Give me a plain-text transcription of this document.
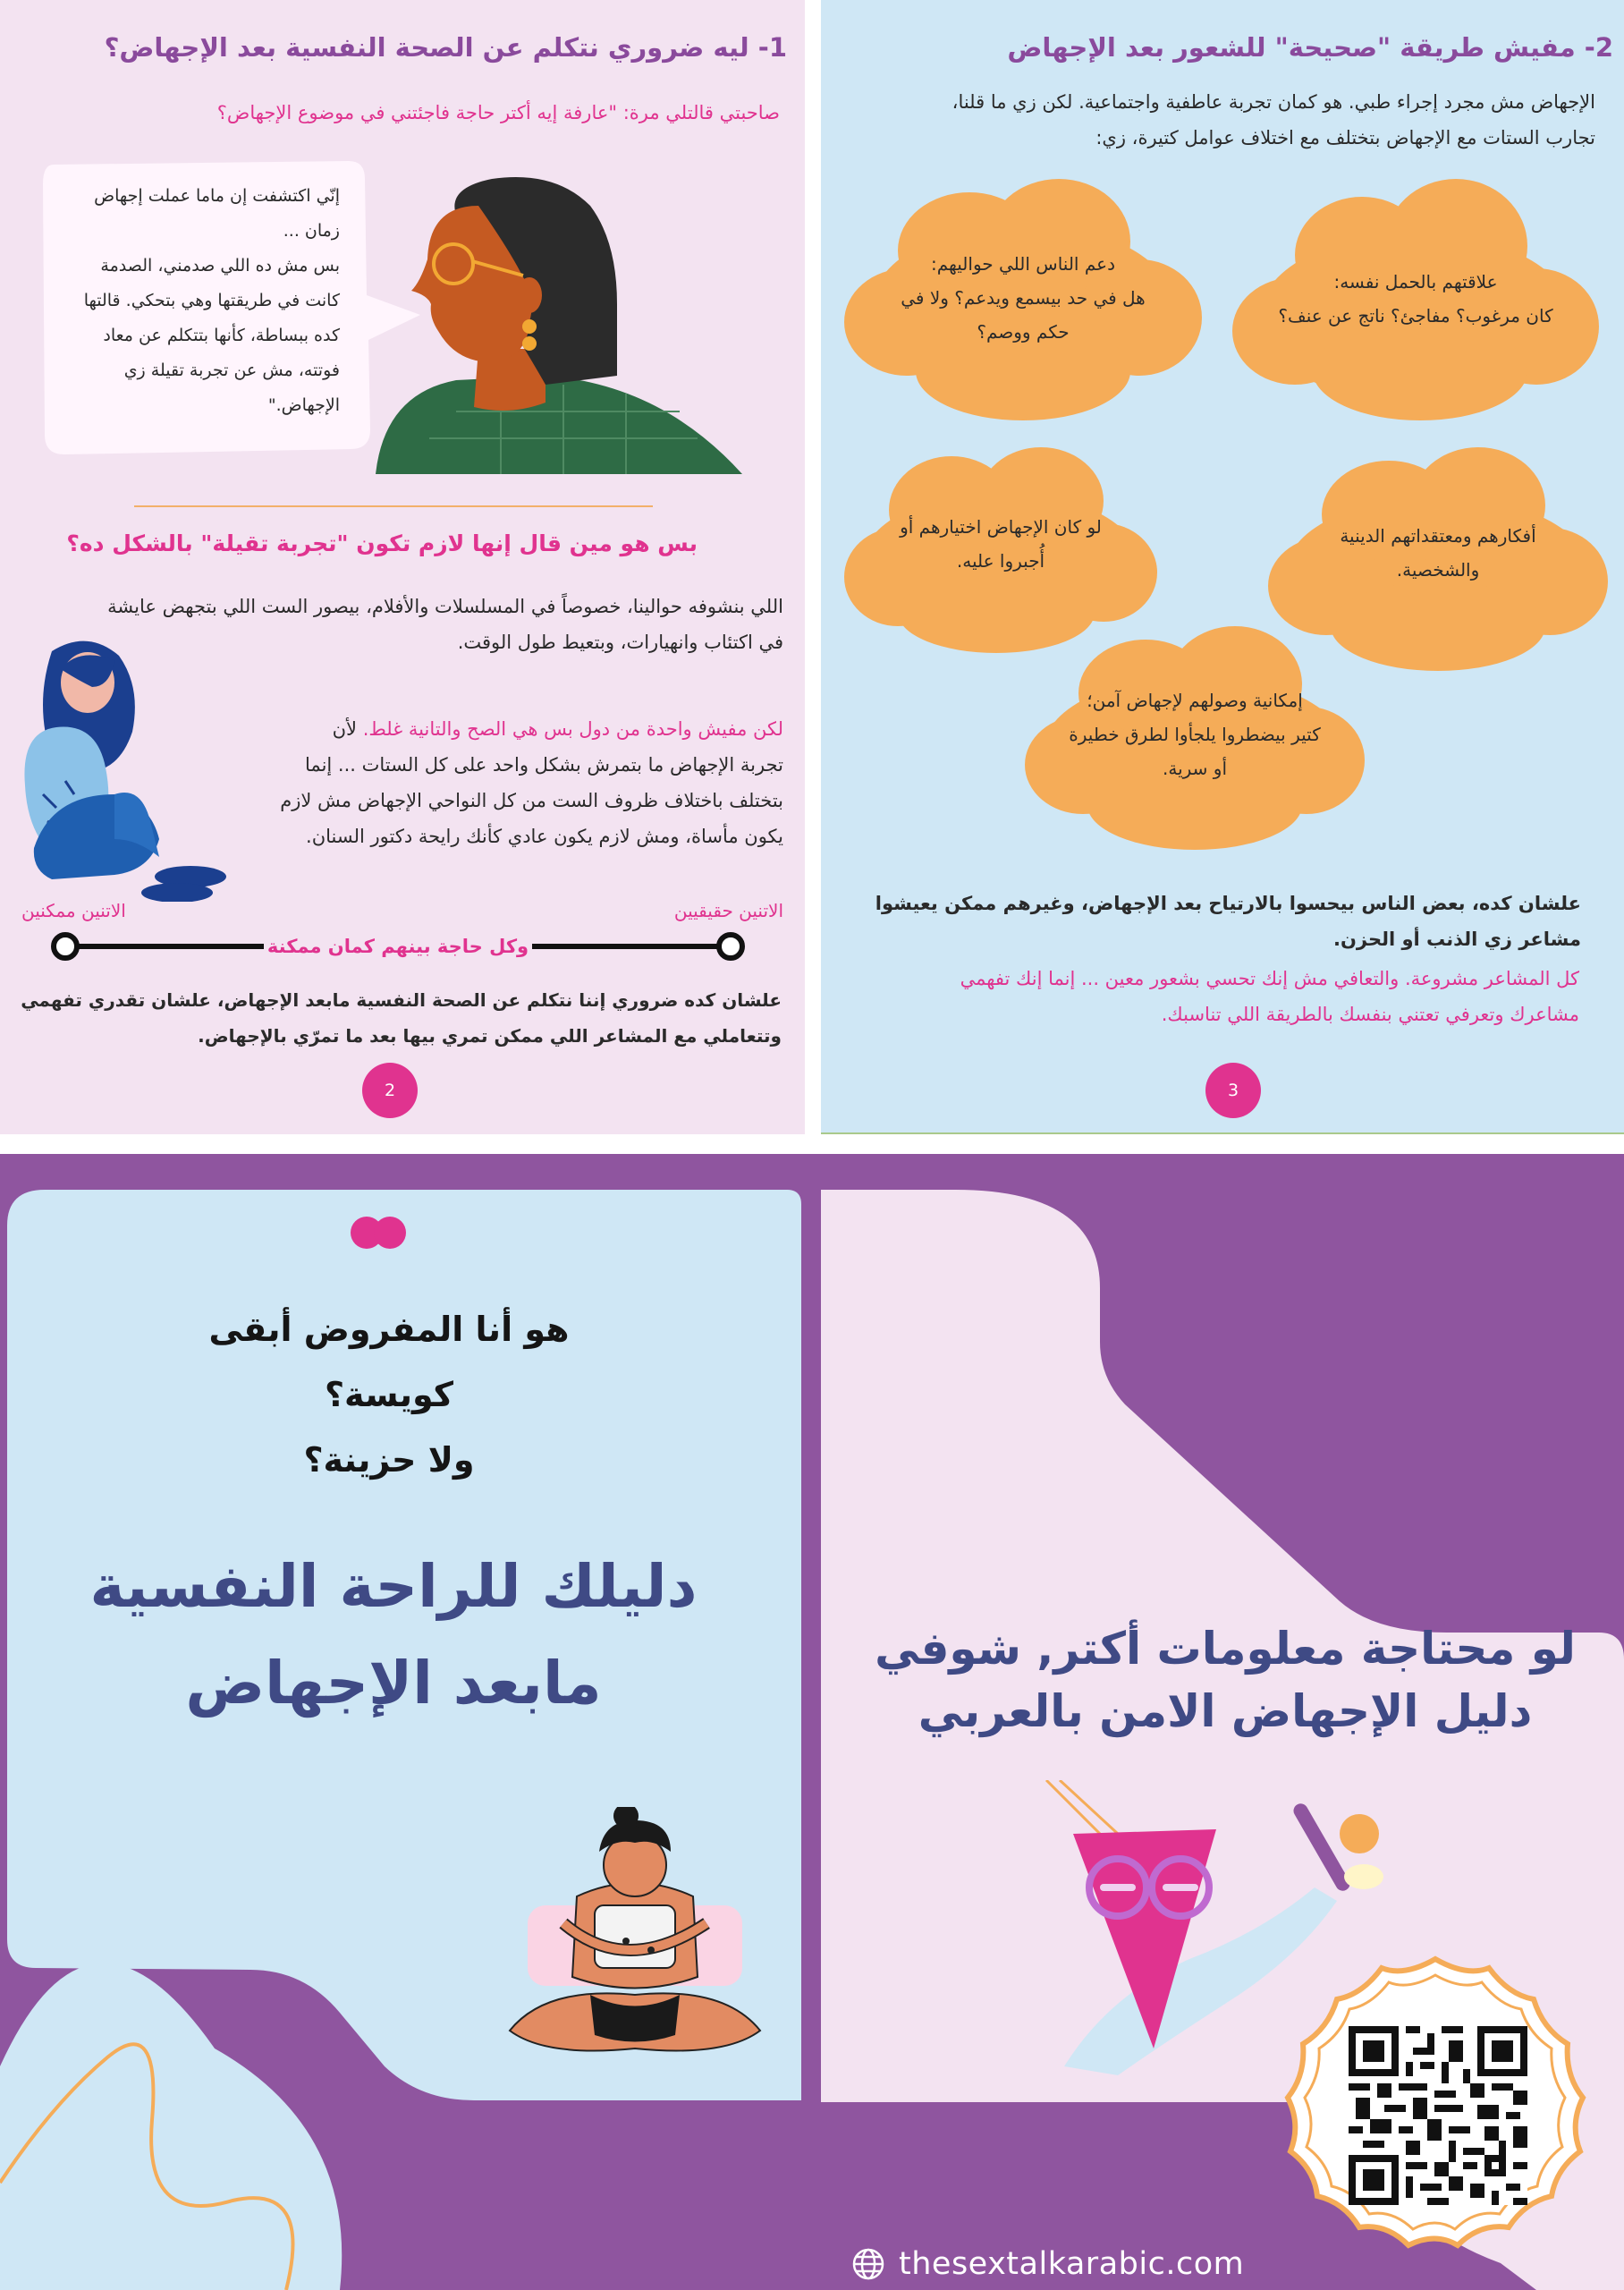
1- ليه ضروري نتكلم عن الصحة النفسية بعد الإجهاض؟
صاحبتي قالتلي مرة: "عارفة إيه أكتر حاجة فاجئتني في موضوع الإجهاض؟
إنّي اكتشفت إن ماما عملت إجهاض
زمان ...
بس مش ده اللي صدمني، الصدمة
كانت في طريقتها وهي بتحكي. قالتها
كده ببساطة، كأنها بتتكلم عن معاد
فوتته، مش عن تجربة تقيلة زي
الإجهاض."
بس هو مين قال إنها لازم تكون "تجربة تقيلة" بالشكل ده؟
اللي بنشوفه حوالينا، خصوصاً في المسلسلات والأفلام، بيصور الست اللي بتجهض عايشة
في اكتئاب وانهيارات، وبتعيط طول الوقت.
لكن مفيش واحدة من دول بس هي الصح والتانية غلط. لأن
تجربة الإجهاض ما بتمرش بشكل واحد على كل الستات ... إنما
بتختلف باختلاف ظروف الست من كل النواحي الإجهاض مش لازم
يكون مأساة، ومش لازم يكون عادي كأنك رايحة دكتور السنان.
الاتنين حقيقيين
الاتنين ممكنين
وكل حاجة بينهم كمان ممكنة
علشان كده ضروري إننا نتكلم عن الصحة النفسية مابعد الإجهاض، علشان تقدري تفهمي
وتتعاملي مع المشاعر اللي ممكن تمري بيها بعد ما تمرّي بالإجهاض.
2
2- مفيش طريقة "صحيحة" للشعور بعد الإجهاض
الإجهاض مش مجرد إجراء طبي. هو كمان تجربة عاطفية واجتماعية. لكن زي ما قلنا،
تجارب الستات مع الإجهاض بتختلف مع اختلاف عوامل كتيرة، زي:
علاقتهم بالحمل نفسه:
كان مرغوب؟ مفاجئ؟ ناتج عن عنف؟
دعم الناس اللي حواليهم:
هل في حد بيسمع ويدعم؟ ولا في
حكم ووصم؟
أفكارهم ومعتقداتهم الدينية
والشخصية.
لو كان الإجهاض اختيارهم أو
أُجبروا عليه.
إمكانية وصولهم لإجهاض آمن؛
كتير بيضطروا يلجأوا لطرق خطيرة
أو سرية.
علشان كده، بعض الناس بيحسوا بالارتياح بعد الإجهاض، وغيرهم ممكن يعيشوا
مشاعر زي الذنب أو الحزن.
كل المشاعر مشروعة. والتعافي مش إنك تحسي بشعور معين ... إنما إنك تفهمي
مشاعرك وتعرفي تعتني بنفسك بالطريقة اللي تناسبك.
3
هو أنا المفروض أبقى
كويسة؟
ولا حزينة؟
دليلك للراحة النفسية
مابعد الإجهاض	لو محتاجة معلومات أكتر, شوفي
دليل الإجهاض الامن بالعربي
thesextalkarabic.com
